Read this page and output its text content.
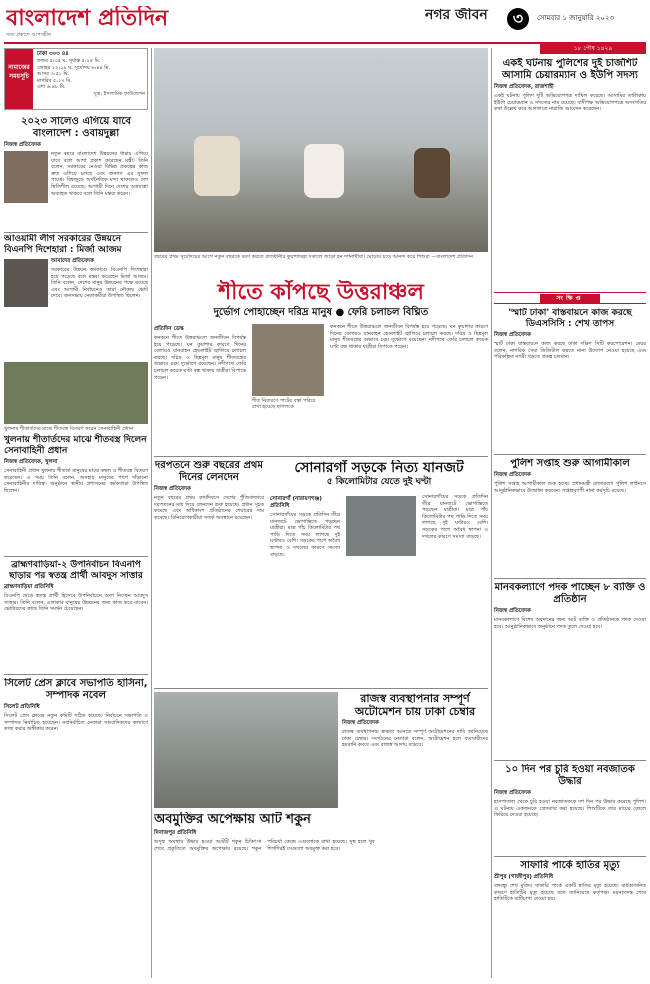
বাংলাদেশ প্রতিদিন
সত্য প্রকাশে আপসহীন
নগর জীবন	৩	সোমবার ১ জানুয়ারি ২০২৩
১৮ পৌষ ১৪২৯
নামাজের সময়সূচি
ঢাকা ৩০৩ ৪৪
ফজর ৫:৩৫ ঘ. সূর্যাস্ত ৫:২৪ মি.
জোহর ১২:০৯ ঘ. সূর্যোদয় ৬:৪৪ মি.
আসর ৩:৫১ মি.
মাগরিব ৫:২৭ মি.
এশা ৬:৪৮ মি.
সূত্র: ইসলামিক ফাউন্ডেশন
২০২৩ সালেও এগিয়ে যাবে বাংলাদেশ : ওবায়দুল্লা
নিজস্ব প্রতিবেদক
নতুন বছরে বাংলাদেশ উন্নয়নের ধারায় এগিয়ে যাবে বলে আশা প্রকাশ করেছেন মন্ত্রী। তিনি বলেন, সরকারের নেওয়া বিভিন্ন প্রকল্পের কাজ দ্রুত এগিয়ে চলছে এবং জনগণ এর সুফল পাচ্ছে। বিশ্বজুড়ে অর্থনৈতিক মন্দা থাকলেও দেশ স্থিতিশীল রয়েছে। আগামী দিনে দেশের অগ্রযাত্রা অব্যাহত থাকবে বলে তিনি মন্তব্য করেন।
আওয়ামী লীগ সরকারের উন্নয়নে বিএনপি দিশেহারা : মির্জা আজম
আমাদের প্রতিবেদক
সরকারের উন্নয়ন কর্মকাণ্ডে বিএনপি দিশেহারা হয়ে পড়েছে বলে মন্তব্য করেছেন মির্জা আজম। তিনি বলেন, দেশের মানুষ উন্নয়নের পক্ষে রয়েছে এবং আগামী নির্বাচনেও তারা নৌকায় ভোট দেবে। জনসভায় নেতাকর্মীরা উপস্থিত ছিলেন।
খুলনায় শীতার্তদের মাঝে শীতবস্ত্র বিতরণ করেন সেনাবাহিনী প্রধান
খুলনায় শীতার্তদের মাঝে শীতবস্ত্র দিলেন সেনাবাহিনী প্রধান
নিজস্ব প্রতিবেদক, খুলনা
সেনাবাহিনী প্রধান খুলনায় শীতার্ত মানুষের মাঝে কম্বল ও শীতবস্ত্র বিতরণ করেছেন। এ সময় তিনি বলেন, অসহায় মানুষের পাশে দাঁড়ানো সেনাবাহিনীর দায়িত্ব। অনুষ্ঠানে স্থানীয় প্রশাসনের কর্মকর্তারা উপস্থিত ছিলেন।
ব্রাহ্মণবাড়িয়া-২ উপনির্বাচন বিএনপি ছাড়ার পর স্বতন্ত্র প্রার্থী আবদুস সাত্তার
ব্রাহ্মণবাড়িয়া প্রতিনিধি
বিএনপি ছেড়ে স্বতন্ত্র প্রার্থী হিসেবে উপনির্বাচনে অংশ নিচ্ছেন আবদুস সাত্তার। তিনি বলেন, এলাকার মানুষের উন্নয়নের জন্য কাজ করে যাবেন। ভোটারদের কাছে তিনি সমর্থন চেয়েছেন।
সিলেট প্রেস ক্লাবে সভাপতি হাসিনা, সম্পাদক নবেল
সিলেট প্রতিনিধি
সিলেট প্রেস ক্লাবের নতুন কমিটি গঠিত হয়েছে। নির্বাচনে সভাপতি ও সম্পাদক নির্বাচিত হয়েছেন। নবনির্বাচিত নেতারা সাংবাদিকদের কল্যাণে কাজ করার অঙ্গীকার করেন।
বছরের প্রথম সূর্যোদয়ের আগে নতুন বছরকে বরণ করতে রাজধানীর কুয়াশাচ্ছন্ন সকালে জড়ো হন দর্শনার্থীরা। ঘোড়ায় চড়ে আনন্দ করে শিশুরা —বাংলাদেশ প্রতিদিন
শীতে কাঁপছে উত্তরাঞ্চল
দুর্ভোগ পোহাচ্ছেন দরিদ্র মানুষ ● ফেরি চলাচল বিঘ্নিত
প্রতিদিন ডেস্ক
কনকনে শীতে উত্তরাঞ্চলে জনজীবন বিপর্যস্ত হয়ে পড়েছে। ঘন কুয়াশার কারণে দিনের বেলায়ও যানবাহন হেডলাইট জ্বালিয়ে চলাচল করছে। দরিদ্র ও ছিন্নমূল মানুষ শীতবস্ত্রের অভাবে চরম দুর্ভোগে রয়েছেন। নদীপথে ফেরি চলাচল কয়েক ঘণ্টা বন্ধ থাকায় যাত্রীরা বিপাকে পড়েন।
শীত নিবারণে পাটের বস্তা পরিয়ে রাখা হয়েছে ছাগলকে
কনকনে শীতে উত্তরাঞ্চলে জনজীবন বিপর্যস্ত হয়ে পড়েছে। ঘন কুয়াশার কারণে দিনের বেলায়ও যানবাহন হেডলাইট জ্বালিয়ে চলাচল করছে। দরিদ্র ও ছিন্নমূল মানুষ শীতবস্ত্রের অভাবে চরম দুর্ভোগে রয়েছেন। নদীপথে ফেরি চলাচল কয়েক ঘণ্টা বন্ধ থাকায় যাত্রীরা বিপাকে পড়েন।
দরপতনে শুরু বছরের প্রথম দিনের লেনদেন
নিজস্ব প্রতিবেদক
নতুন বছরের প্রথম কার্যদিবসে দেশের পুঁজিবাজারে দরপতনের মধ্য দিয়ে লেনদেন শুরু হয়েছে। প্রধান সূচক কমেছে এবং অধিকাংশ প্রতিষ্ঠানের শেয়ারের দাম কমেছে। বিনিয়োগকারীরা সতর্ক অবস্থানে রয়েছেন।
সোনারগাঁ সড়কে নিত্য যানজট
৫ কিলোমিটার যেতে দুই ঘণ্টা
সোনারগাঁ (নারায়ণগঞ্জ) প্রতিনিধি
সোনারগাঁয়ের সড়কে প্রতিদিন তীব্র যানজটে ভোগান্তিতে পড়ছেন যাত্রীরা। মাত্র পাঁচ কিলোমিটার পথ পাড়ি দিতে সময় লাগছে দুই ঘণ্টারও বেশি। সড়কের পাশে অবৈধ স্থাপনা ও দখলের কারণে সমস্যা বাড়ছে।
সোনারগাঁয়ের সড়কে প্রতিদিন তীব্র যানজটে ভোগান্তিতে পড়ছেন যাত্রীরা। মাত্র পাঁচ কিলোমিটার পথ পাড়ি দিতে সময় লাগছে দুই ঘণ্টারও বেশি। সড়কের পাশে অবৈধ স্থাপনা ও দখলের কারণে সমস্যা বাড়ছে।
অবমুক্তির অপেক্ষায় আট শকুন
দিনাজপুর প্রতিনিধি
অসুস্থ অবস্থায় উদ্ধার হওয়া আটটি শকুন চিকিৎসা শেষে প্রকৃতিতে অবমুক্তির অপেক্ষায় রয়েছে। শকুন পরিচর্যা কেন্দ্রে এগুলোকে রাখা হয়েছে। সুস্থ হলে খুব শিগগিরই সেগুলো অবমুক্ত করা হবে।
রাজস্ব ব্যবস্থাপনার সম্পূর্ণ অটোমেশন চায় ঢাকা চেম্বার
নিজস্ব প্রতিবেদক
রাজস্ব ব্যবস্থাপনায় স্বচ্ছতা আনতে সম্পূর্ণ অটোমেশনের দাবি জানিয়েছে ঢাকা চেম্বার। সংগঠনের নেতারা বলেন, অটোমেশন হলে ব্যবসায়ীদের হয়রানি কমবে এবং রাজস্ব আদায় বাড়বে।
একই ঘটনায় পুলিশের দুই চার্জশিট আসামি চেয়ারম্যান ও ইউপি সদস্য
নিজস্ব প্রতিবেদক, রাজশাহী
একই ঘটনায় পুলিশ দুটি অভিযোগপত্র দাখিল করেছে। আসামির তালিকায় ইউপি চেয়ারম্যান ও সদস্যের নাম রয়েছে। বাদীপক্ষ অভিযোগপত্রে অসংগতির কথা উল্লেখ করে আদালতে নারাজি আবেদন করেছেন।
সংক্ষিপ্ত
'স্মার্ট ঢাকা' বাস্তবায়নে কাজ করছে ডিএসসিসি : শেখ তাপস
নিজস্ব প্রতিবেদক
স্মার্ট ঢাকা বাস্তবায়নে কাজ করছে ঢাকা দক্ষিণ সিটি করপোরেশন। মেয়র বলেন, নাগরিক সেবা ডিজিটাল করতে নানা উদ্যোগ নেওয়া হয়েছে এবং পরিকল্পিত নগরী গড়তে প্রকল্প চলমান।
পুলিশ সপ্তাহ শুরু আগামীকাল
নিজস্ব প্রতিবেদক
পুলিশ সপ্তাহ আগামীকাল শুরু হচ্ছে। প্রধানমন্ত্রী রাজারবাগ পুলিশ লাইনসে আনুষ্ঠানিকভাবে উদ্বোধন করবেন। সপ্তাহব্যাপী নানা কর্মসূচি রয়েছে।
মানবকল্যাণে পদক পাচ্ছেন ৮ ব্যক্তি ও প্রতিষ্ঠান
নিজস্ব প্রতিবেদক
মানবকল্যাণে বিশেষ অবদানের জন্য আট ব্যক্তি ও প্রতিষ্ঠানকে পদক দেওয়া হবে। আনুষ্ঠানিকভাবে অনুষ্ঠানে পদক তুলে দেওয়া হবে।
১০ দিন পর চুরি হওয়া নবজাতক উদ্ধার
নিজস্ব প্রতিবেদক
হাসপাতাল থেকে চুরি হওয়া নবজাতককে দশ দিন পর উদ্ধার করেছে পুলিশ। এ ঘটনায় একজনকে গ্রেফতার করা হয়েছে। শিশুটিকে তার মায়ের কোলে ফিরিয়ে দেওয়া হয়েছে।
সাফারি পার্কে হাতির মৃত্যু
শ্রীপুর (গাজীপুর) প্রতিনিধি
বঙ্গবন্ধু শেখ মুজিব সাফারি পার্কে একটি হাতির মৃত্যু হয়েছে। বার্ধক্যজনিত কারণে হাতিটির মৃত্যু হয়েছে বলে জানিয়েছে কর্তৃপক্ষ। ময়নাতদন্ত শেষে হাতিটিকে মাটিচাপা দেওয়া হয়।
